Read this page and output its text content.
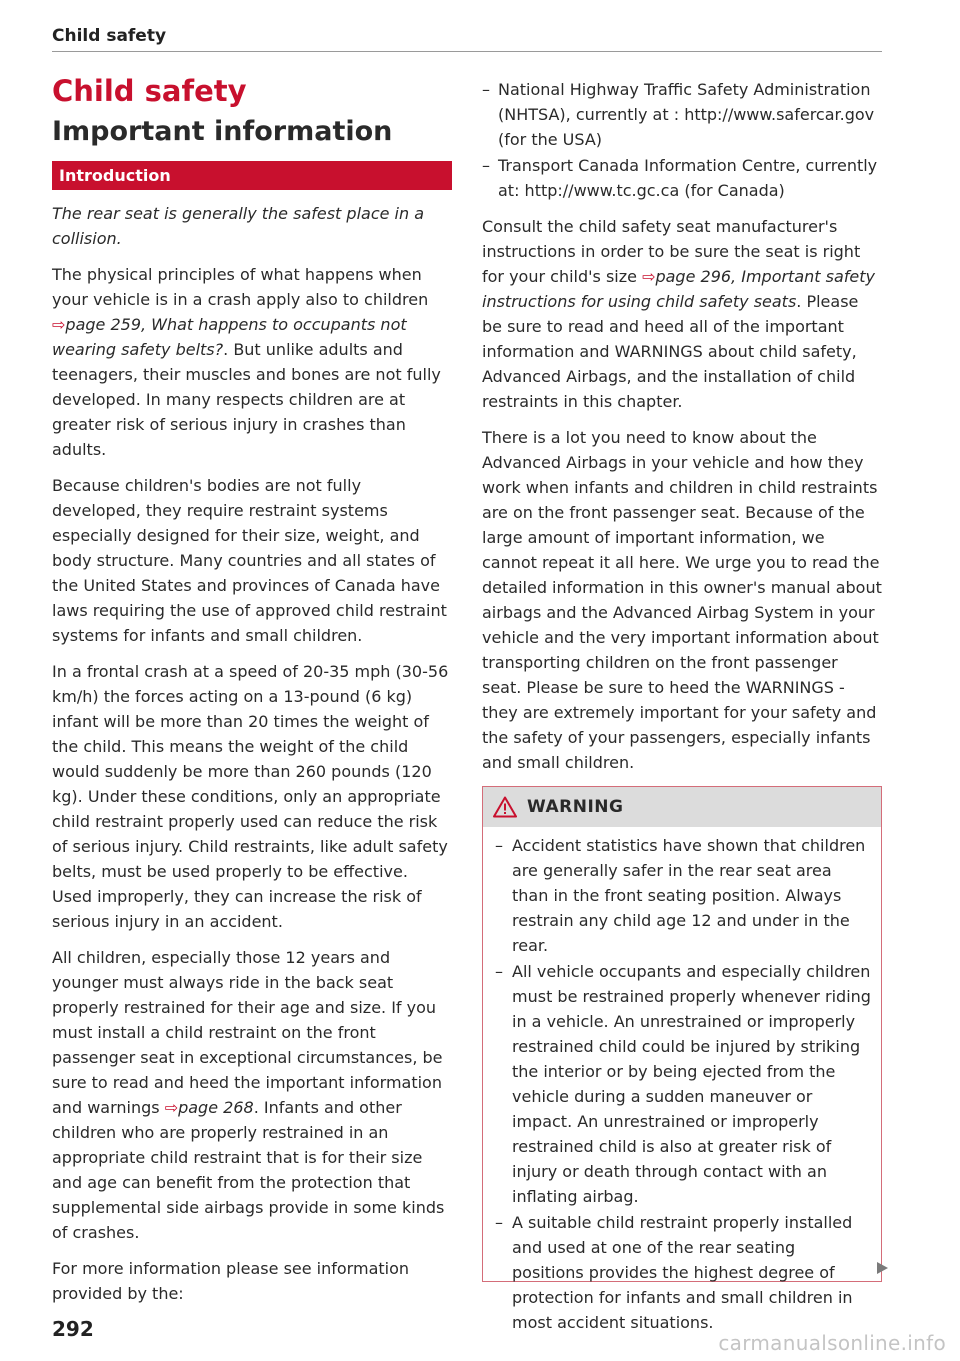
Child safety
Child safety
Important information
Introduction

The rear seat is generally the safest place in a collision.

The physical principles of what happens when your vehicle is in a crash apply also to children ⇨page 259, What happens to occupants not wearing safety belts?. But unlike adults and teenagers, their muscles and bones are not fully developed. In many respects children are at greater risk of serious injury in crashes than adults.

Because children's bodies are not fully developed, they require restraint systems especially designed for their size, weight, and body structure. Many countries and all states of the United States and provinces of Canada have laws requiring the use of approved child restraint systems for infants and small children.

In a frontal crash at a speed of 20-35 mph (30-56 km/h) the forces acting on a 13-pound (6 kg) infant will be more than 20 times the weight of the child. This means the weight of the child would suddenly be more than 260 pounds (120 kg). Under these conditions, only an appropriate child restraint properly used can reduce the risk of serious injury. Child restraints, like adult safety belts, must be used properly to be effective. Used improperly, they can increase the risk of serious injury in an accident.

All children, especially those 12 years and younger must always ride in the back seat properly restrained for their age and size. If you must install a child restraint on the front passenger seat in exceptional circumstances, be sure to read and heed the important information and warnings ⇨page 268. Infants and other children who are properly restrained in an appropriate child restraint that is for their size and age can benefit from the protection that supplemental side airbags provide in some kinds of crashes.

For more information please see information provided by the:

– National Highway Traffic Safety Administration (NHTSA), currently at : http://www.safercar.gov (for the USA)
– Transport Canada Information Centre, currently at: http://www.tc.gc.ca (for Canada)

Consult the child safety seat manufacturer's instructions in order to be sure the seat is right for your child's size ⇨page 296, Important safety instructions for using child safety seats. Please be sure to read and heed all of the important information and WARNINGS about child safety, Advanced Airbags, and the installation of child restraints in this chapter.

There is a lot you need to know about the Advanced Airbags in your vehicle and how they work when infants and children in child restraints are on the front passenger seat. Because of the large amount of important information, we cannot repeat it all here. We urge you to read the detailed information in this owner's manual about airbags and the Advanced Airbag System in your vehicle and the very important information about transporting children on the front passenger seat. Please be sure to heed the WARNINGS - they are extremely important for your safety and the safety of your passengers, especially infants and small children.

WARNING
– Accident statistics have shown that children are generally safer in the rear seat area than in the front seating position. Always restrain any child age 12 and under in the rear.
– All vehicle occupants and especially children must be restrained properly whenever riding in a vehicle. An unrestrained or improperly restrained child could be injured by striking the interior or by being ejected from the vehicle during a sudden maneuver or impact. An unrestrained or improperly restrained child is also at greater risk of injury or death through contact with an inflating airbag.
– A suitable child restraint properly installed and used at one of the rear seating positions provides the highest degree of protection for infants and small children in most accident situations.
292
carmanualsonline.info
